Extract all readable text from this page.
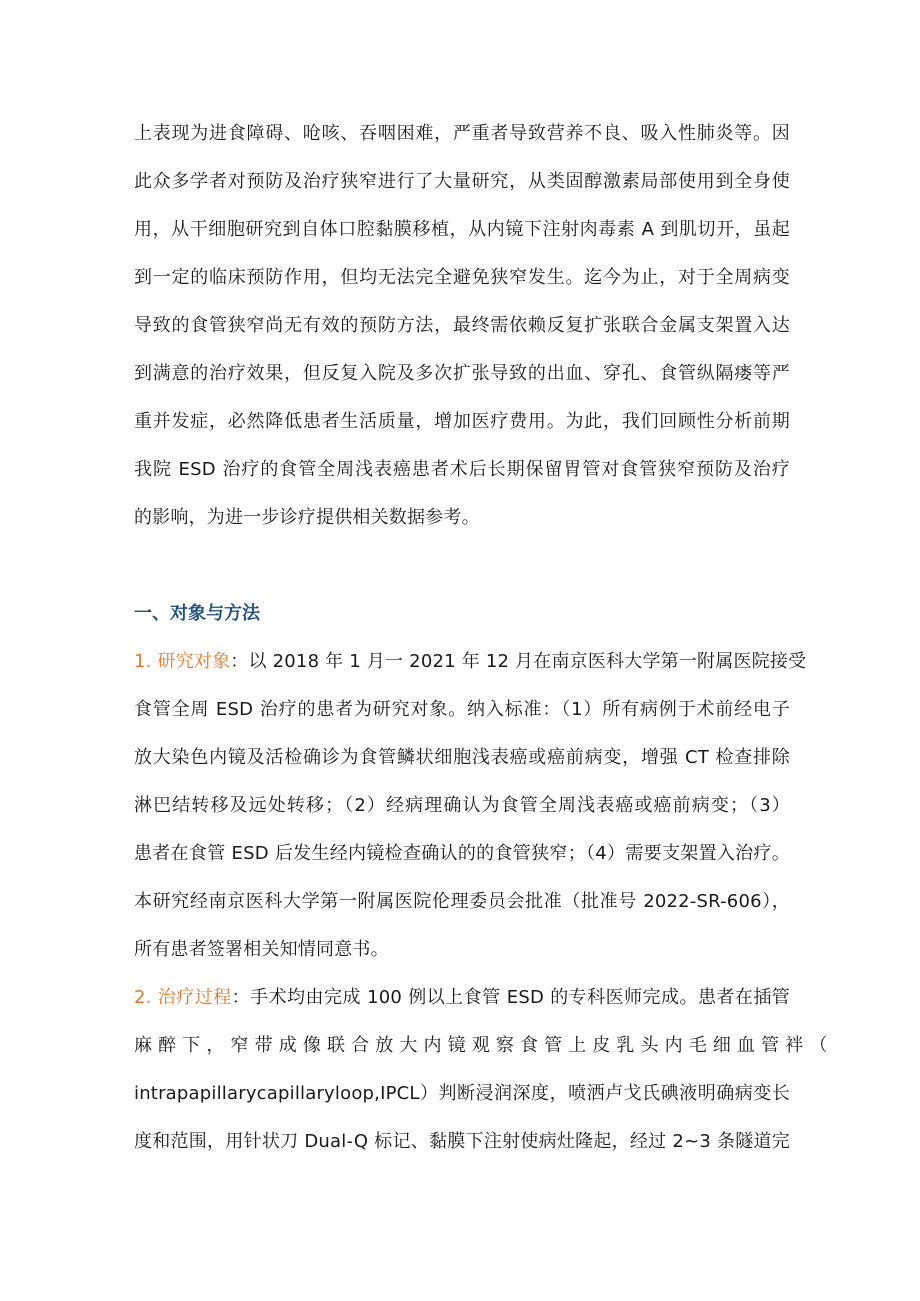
上表现为进食障碍、呛咳、吞咽困难，严重者导致营养不良、吸入性肺炎等。因
此众多学者对预防及治疗狭窄进行了大量研究，从类固醇激素局部使用到全身使
用，从干细胞研究到自体口腔黏膜移植，从内镜下注射肉毒素 A 到肌切开，虽起
到一定的临床预防作用，但均无法完全避免狭窄发生。迄今为止，对于全周病变
导致的食管狭窄尚无有效的预防方法，最终需依赖反复扩张联合金属支架置入达
到满意的治疗效果，但反复入院及多次扩张导致的出血、穿孔、食管纵隔瘘等严
重并发症，必然降低患者生活质量，增加医疗费用。为此，我们回顾性分析前期
我院 ESD 治疗的食管全周浅表癌患者术后长期保留胃管对食管狭窄预防及治疗
的影响，为进一步诊疗提供相关数据参考。
一、对象与方法
1. 研究对象：以 2018 年 1 月一 2021 年 12 月在南京医科大学第一附属医院接受
食管全周 ESD 治疗的患者为研究对象。纳入标准：（1）所有病例于术前经电子
放大染色内镜及活检确诊为食管鳞状细胞浅表癌或癌前病变，增强 CT 检查排除
淋巴结转移及远处转移；（2）经病理确认为食管全周浅表癌或癌前病变；（3）
患者在食管 ESD 后发生经内镜检查确认的的食管狭窄；（4）需要支架置入治疗。
本研究经南京医科大学第一附属医院伦理委员会批准（批准号 2022-SR-606），
所有患者签署相关知情同意书。
2. 治疗过程：手术均由完成 100 例以上食管 ESD 的专科医师完成。患者在插管
麻 醉 下 ， 窄 带 成 像 联 合 放 大 内 镜 观 察 食 管 上 皮 乳 头 内 毛 细 血 管 袢 （
intrapapillarycapillaryloop,IPCL）判断浸润深度，喷洒卢戈氏碘液明确病变长
度和范围，用针状刀 Dual-Q 标记、黏膜下注射使病灶隆起，经过 2~3 条隧道完
